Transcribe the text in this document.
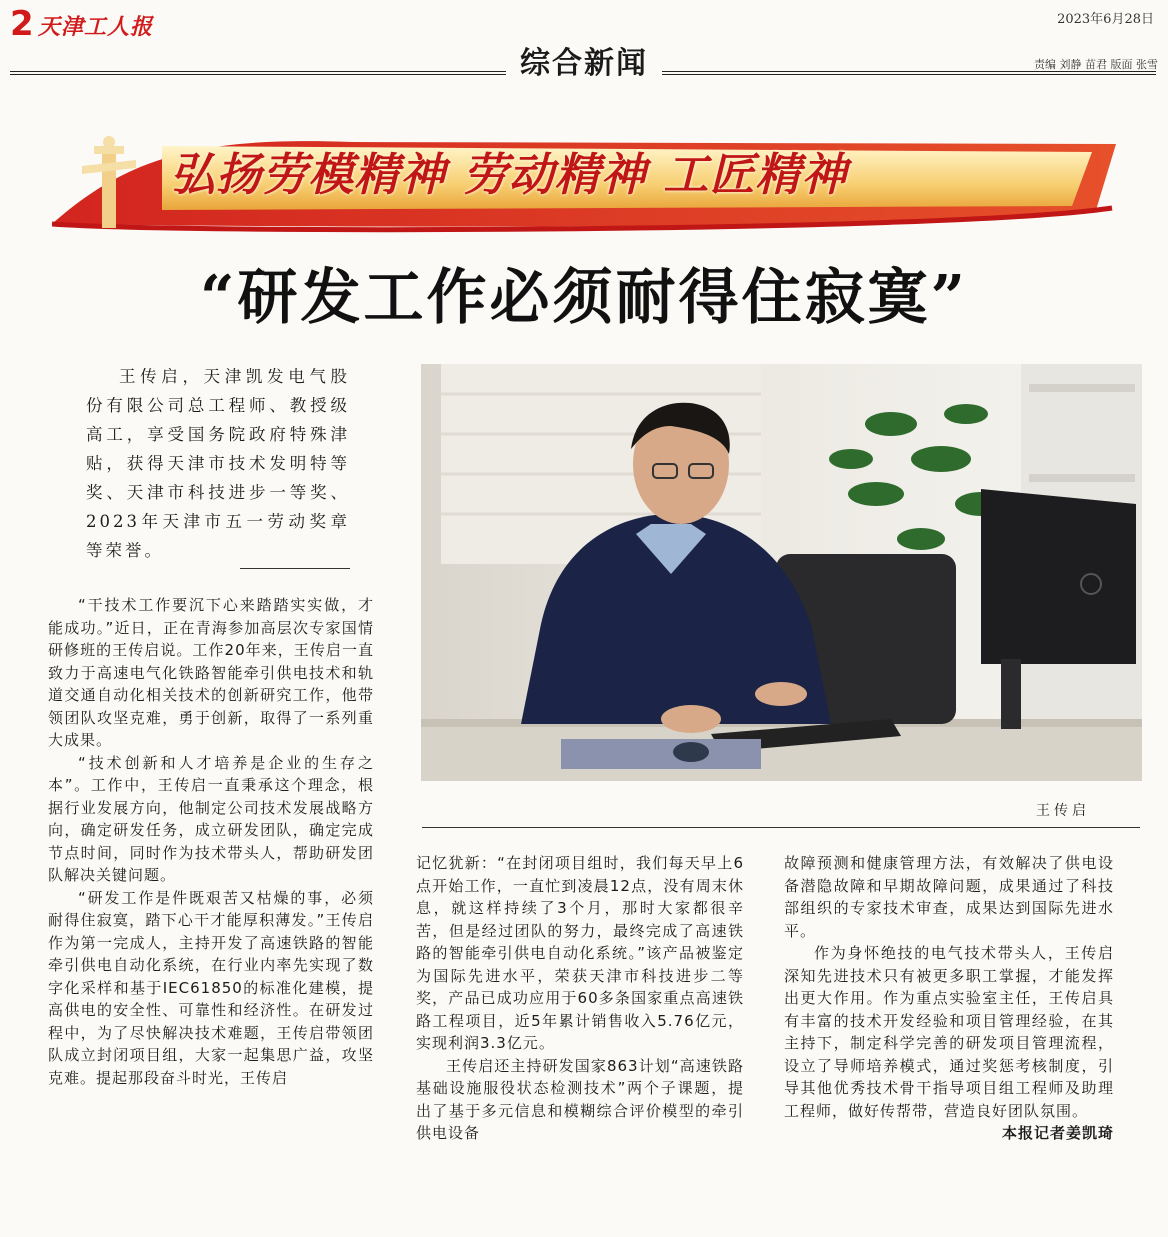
2 天津工人报	2023年6月28日
综合新闻	责编 刘静 苗君 版面 张雪
弘扬劳模精神 劳动精神 工匠精神
“研发工作必须耐得住寂寞”
王传启，天津凯发电气股份有限公司总工程师、教授级高工，享受国务院政府特殊津贴，获得天津市技术发明特等奖、天津市科技进步一等奖、2023年天津市五一劳动奖章等荣誉。
王传启

“干技术工作要沉下心来踏踏实实做，才能成功。”近日，正在青海参加高层次专家国情研修班的王传启说。工作20年来，王传启一直致力于高速电气化铁路智能牵引供电技术和轨道交通自动化相关技术的创新研究工作，他带领团队攻坚克难，勇于创新，取得了一系列重大成果。

“技术创新和人才培养是企业的生存之本”。工作中，王传启一直秉承这个理念，根据行业发展方向，他制定公司技术发展战略方向，确定研发任务，成立研发团队，确定完成节点时间，同时作为技术带头人，帮助研发团队解决关键问题。

“研发工作是件既艰苦又枯燥的事，必须耐得住寂寞，踏下心干才能厚积薄发。”王传启作为第一完成人，主持开发了高速铁路的智能牵引供电自动化系统，在行业内率先实现了数字化采样和基于IEC61850的标准化建模，提高供电的安全性、可靠性和经济性。在研发过程中，为了尽快解决技术难题，王传启带领团队成立封闭项目组，大家一起集思广益，攻坚克难。提起那段奋斗时光，王传启

记忆犹新：“在封闭项目组时，我们每天早上6点开始工作，一直忙到凌晨12点，没有周末休息，就这样持续了3个月，那时大家都很辛苦，但是经过团队的努力，最终完成了高速铁路的智能牵引供电自动化系统。”该产品被鉴定为国际先进水平，荣获天津市科技进步二等奖，产品已成功应用于60多条国家重点高速铁路工程项目，近5年累计销售收入5.76亿元，实现利润3.3亿元。

王传启还主持研发国家863计划“高速铁路基础设施服役状态检测技术”两个子课题，提出了基于多元信息和模糊综合评价模型的牵引供电设备

故障预测和健康管理方法，有效解决了供电设备潜隐故障和早期故障问题，成果通过了科技部组织的专家技术审查，成果达到国际先进水平。

作为身怀绝技的电气技术带头人，王传启深知先进技术只有被更多职工掌握，才能发挥出更大作用。作为重点实验室主任，王传启具有丰富的技术开发经验和项目管理经验，在其主持下，制定科学完善的研发项目管理流程，设立了导师培养模式，通过奖惩考核制度，引导其他优秀技术骨干指导项目组工程师及助理工程师，做好传帮带，营造良好团队氛围。
本报记者姜凯琦
